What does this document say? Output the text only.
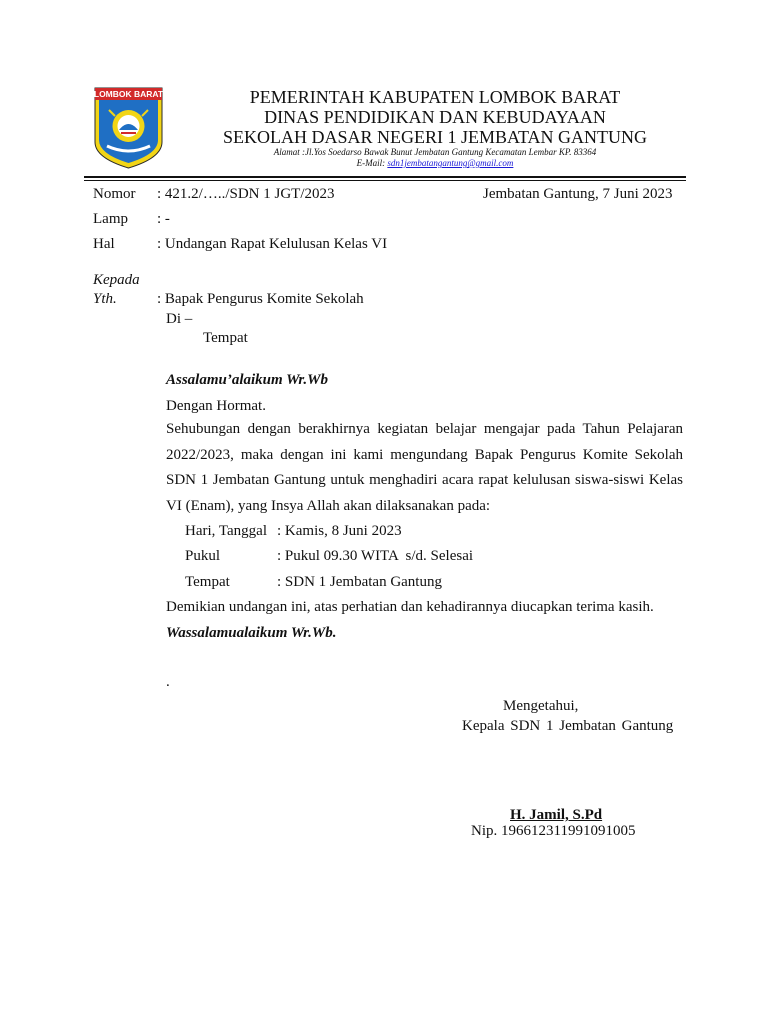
LOMBOK BARAT	PEMERINTAH KABUPATEN LOMBOK BARAT
DINAS PENDIDIKAN DAN KEBUDAYAAN
SEKOLAH DASAR NEGERI 1 JEMBATAN GANTUNG
Alamat :Jl.Yos Soedarso Bawak Bunut Jembatan Gantung Kecamatan Lembar KP. 83364
E-Mail: sdn1jembatangantung@gmail.com
Nomor : 421.2/…../SDN 1 JGT/2023	Jembatan Gantung, 7 Juni 2023
Lamp : -
Hal	: Undangan Rapat Kelulusan Kelas VI
Kepada
Yth.	: Bapak Pengurus Komite Sekolah
Di –
Tempat
Assalamu’alaikum Wr.Wb
Dengan Hormat.
Sehubungan dengan berakhirnya kegiatan belajar mengajar pada Tahun Pelajaran 2022/2023, maka dengan ini kami mengundang Bapak Pengurus Komite Sekolah SDN 1 Jembatan Gantung untuk menghadiri acara rapat kelulusan siswa-siswi Kelas VI (Enam), yang Insya Allah akan dilaksanakan pada:
Hari, Tanggal : Kamis, 8 Juni 2023
Pukul	: Pukul 09.30 WITA  s/d. Selesai
Tempat	: SDN 1 Jembatan Gantung
Demikian undangan ini, atas perhatian dan kehadirannya diucapkan terima kasih.
Wassalamualaikum Wr.Wb.
.
Mengetahui,
Kepala SDN 1 Jembatan Gantung
H. Jamil, S.Pd
Nip. 196612311991091005
